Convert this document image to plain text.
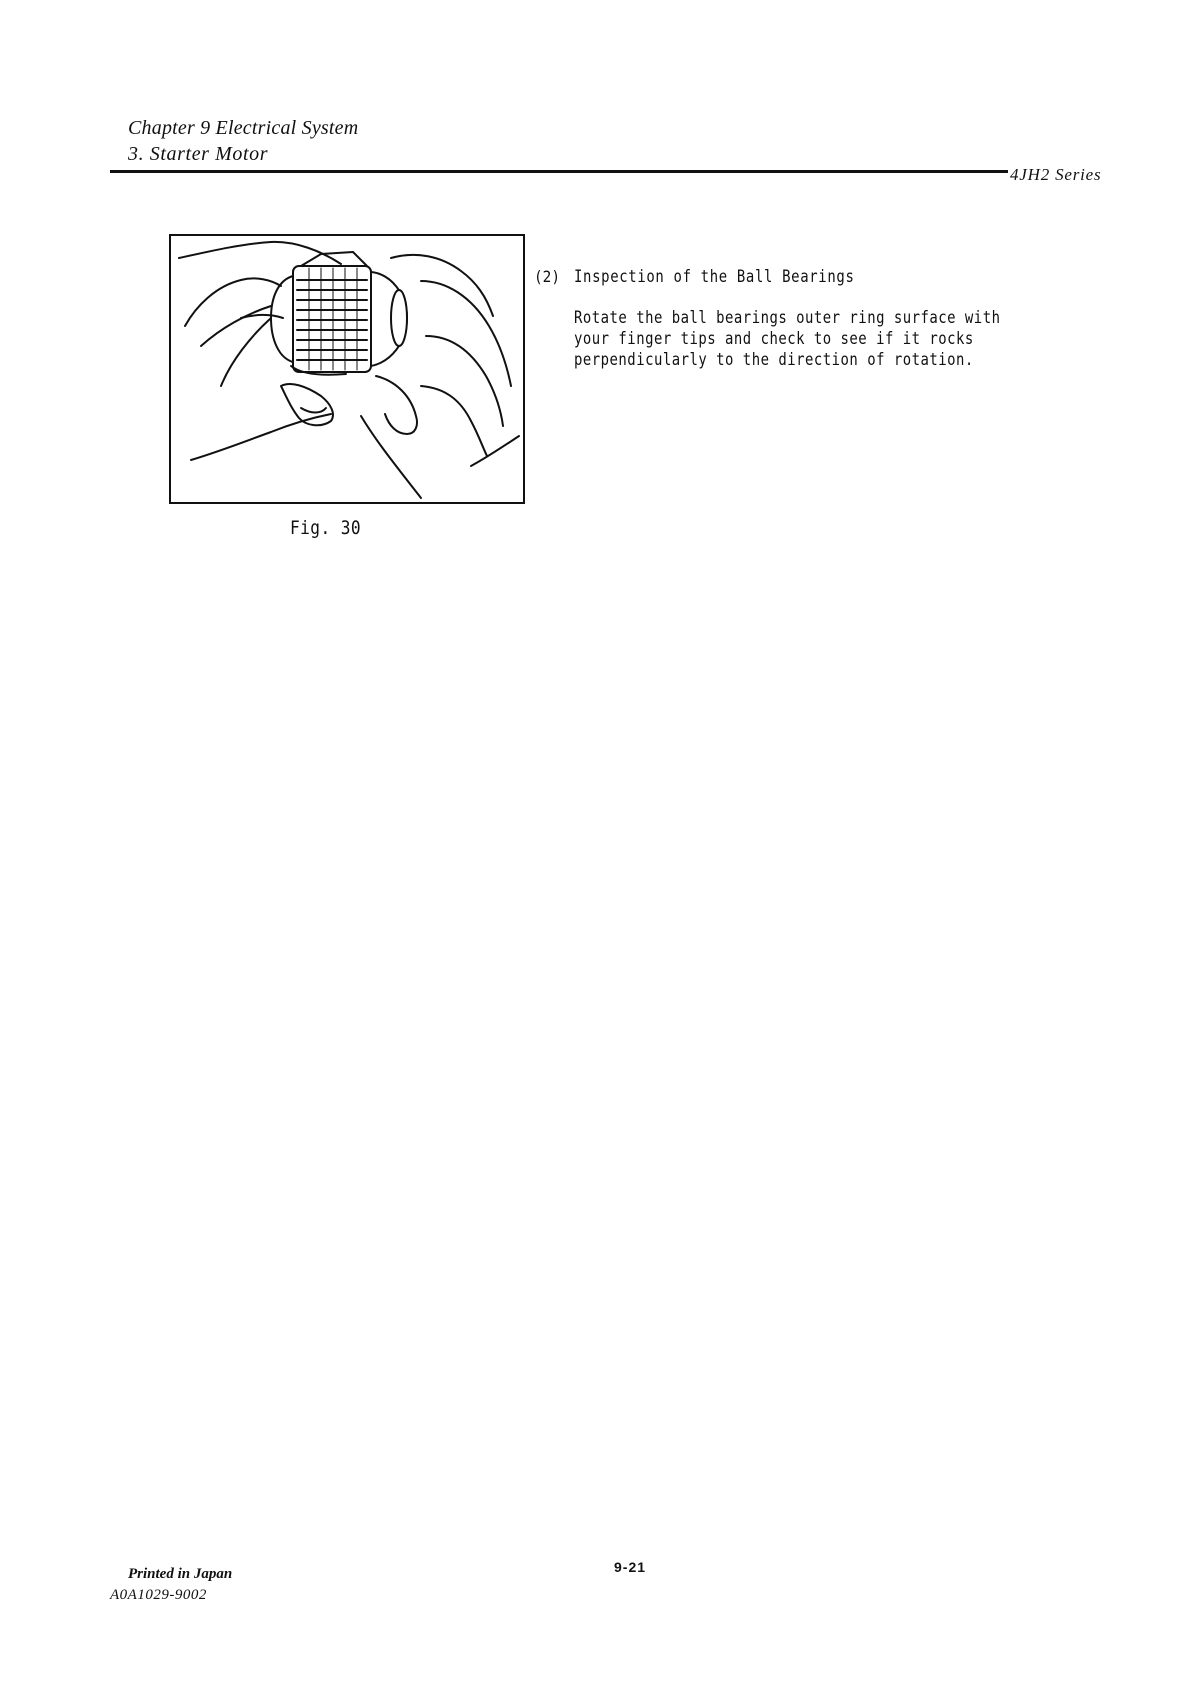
Chapter 9 Electrical System
3. Starter Motor
4JH2 Series
Fig. 30
(2) Inspection of the Ball Bearings
Rotate the ball bearings outer ring surface with
your finger tips and check to see if it rocks
perpendicularly to the direction of rotation.
Printed in Japan
A0A1029-9002
9-21
